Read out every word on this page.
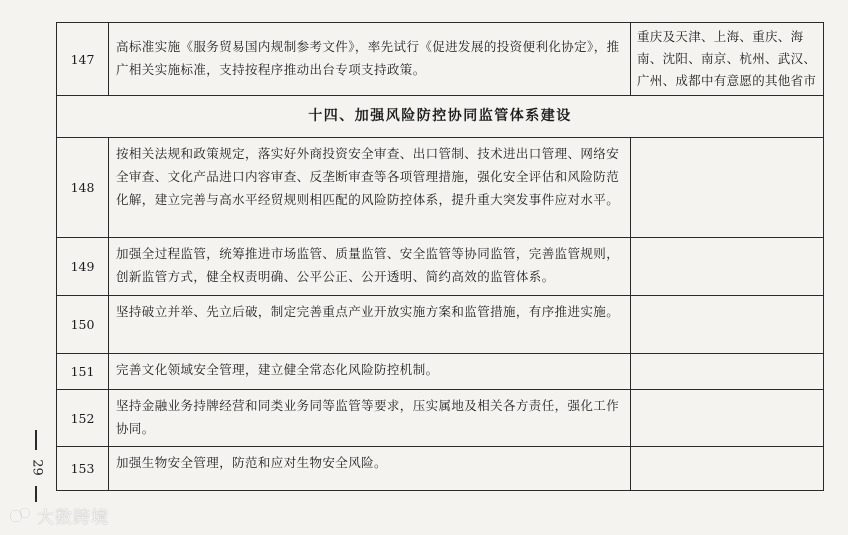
147	高标准实施《服务贸易国内规制参考文件》，率先试行《促进发展的投资便利化协定》，推广相关实施标准，支持按程序推动出台专项支持政策。	重庆及天津、上海、重庆、海南、沈阳、南京、杭州、武汉、广州、成都中有意愿的其他省市
十四、加强风险防控协同监管体系建设		
148	按相关法规和政策规定，落实好外商投资安全审查、出口管制、技术进出口管理、网络安全审查、文化产品进口内容审查、反垄断审查等各项管理措施，强化安全评估和风险防范化解，建立完善与高水平经贸规则相匹配的风险防控体系，提升重大突发事件应对水平。	
149	加强全过程监管，统筹推进市场监管、质量监管、安全监管等协同监管，完善监管规则，创新监管方式，健全权责明确、公平公正、公开透明、简约高效的监管体系。	
150	坚持破立并举、先立后破，制定完善重点产业开放实施方案和监管措施，有序推进实施。	
151	完善文化领域安全管理，建立健全常态化风险防控机制。	
152	坚持金融业务持牌经营和同类业务同等监管等要求，压实属地及相关各方责任，强化工作协同。	
153	加强生物安全管理，防范和应对生物安全风险。	
29
大数跨境
